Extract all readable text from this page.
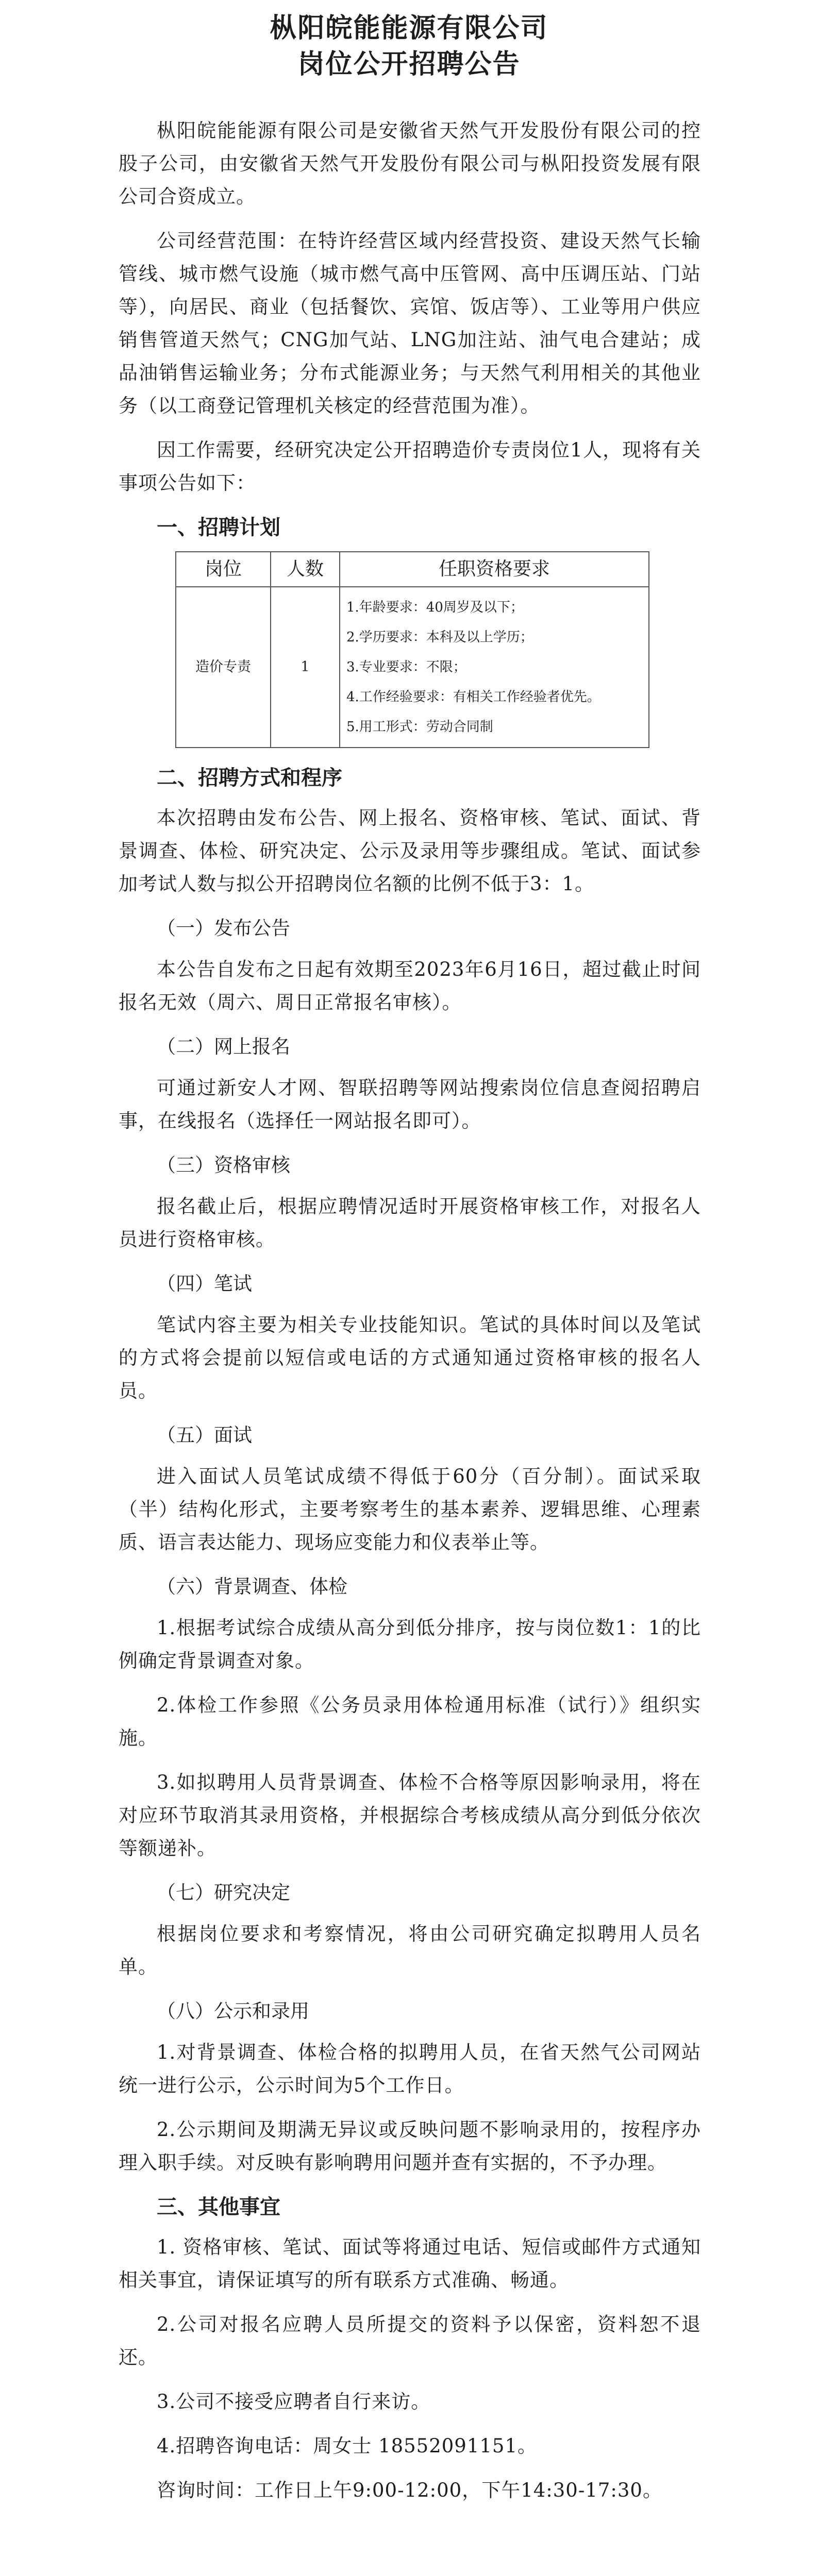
枞阳皖能能源有限公司
岗位公开招聘公告

枞阳皖能能源有限公司是安徽省天然气开发股份有限公司的控股子公司，由安徽省天然气开发股份有限公司与枞阳投资发展有限公司合资成立。

公司经营范围：在特许经营区域内经营投资、建设天然气长输管线、城市燃气设施（城市燃气高中压管网、高中压调压站、门站等），向居民、商业（包括餐饮、宾馆、饭店等）、工业等用户供应销售管道天然气；CNG加气站、LNG加注站、油气电合建站；成品油销售运输业务；分布式能源业务；与天然气利用相关的其他业务（以工商登记管理机关核定的经营范围为准）。

因工作需要，经研究决定公开招聘造价专责岗位1人，现将有关事项公告如下：

一、招聘计划
岗位	人数	任职资格要求
造价专责	1	1.年龄要求：40周岁及以下；
2.学历要求：本科及以上学历；
3.专业要求：不限；
4.工作经验要求：有相关工作经验者优先。
5.用工形式：劳动合同制
二、招聘方式和程序

本次招聘由发布公告、网上报名、资格审核、笔试、面试、背景调查、体检、研究决定、公示及录用等步骤组成。笔试、面试参加考试人数与拟公开招聘岗位名额的比例不低于3：1。

（一）发布公告

本公告自发布之日起有效期至2023年6月16日，超过截止时间报名无效（周六、周日正常报名审核）。

（二）网上报名

可通过新安人才网、智联招聘等网站搜索岗位信息查阅招聘启事，在线报名（选择任一网站报名即可）。

（三）资格审核

报名截止后，根据应聘情况适时开展资格审核工作，对报名人员进行资格审核。

（四）笔试

笔试内容主要为相关专业技能知识。笔试的具体时间以及笔试的方式将会提前以短信或电话的方式通知通过资格审核的报名人员。

（五）面试

进入面试人员笔试成绩不得低于60分（百分制）。面试采取（半）结构化形式，主要考察考生的基本素养、逻辑思维、心理素质、语言表达能力、现场应变能力和仪表举止等。

（六）背景调查、体检

1.根据考试综合成绩从高分到低分排序，按与岗位数1：1的比例确定背景调查对象。

2.体检工作参照《公务员录用体检通用标准（试行）》组织实施。

3.如拟聘用人员背景调查、体检不合格等原因影响录用，将在对应环节取消其录用资格，并根据综合考核成绩从高分到低分依次等额递补。

（七）研究决定

根据岗位要求和考察情况，将由公司研究确定拟聘用人员名单。

（八）公示和录用

1.对背景调查、体检合格的拟聘用人员，在省天然气公司网站统一进行公示，公示时间为5个工作日。

2.公示期间及期满无异议或反映问题不影响录用的，按程序办理入职手续。对反映有影响聘用问题并查有实据的，不予办理。

三、其他事宜

1. 资格审核、笔试、面试等将通过电话、短信或邮件方式通知相关事宜，请保证填写的所有联系方式准确、畅通。

2.公司对报名应聘人员所提交的资料予以保密，资料恕不退还。

3.公司不接受应聘者自行来访。

4.招聘咨询电话：周女士 18552091151。

咨询时间：工作日上午9:00-12:00，下午14:30-17:30。
